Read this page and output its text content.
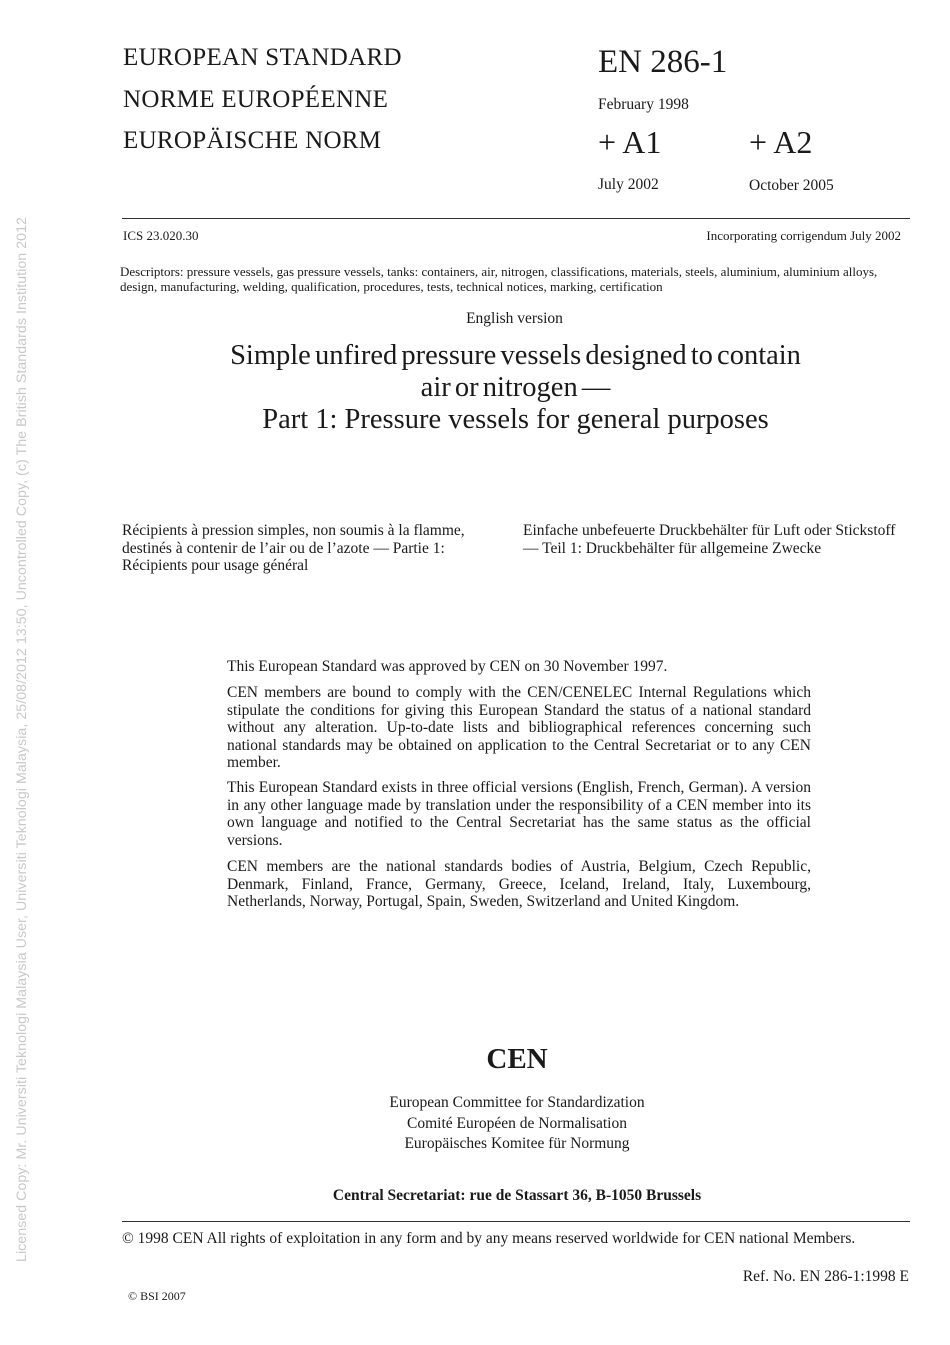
Licensed Copy: Mr. Universiti Teknologi Malaysia User, Universiti Teknologi Malaysia, 25/08/2012 13:50, Uncontrolled Copy, (c) The British Standards Institution 2012
EUROPEAN STANDARD
NORME EUROPÉENNE
EUROPÄISCHE NORM
EN 286-1
February 1998
+ A1	+ A2
July 2002	October 2005
ICS 23.020.30	Incorporating corrigendum July 2002
Descriptors: pressure vessels, gas pressure vessels, tanks: containers, air, nitrogen, classifications, materials, steels, aluminium, aluminium alloys, design, manufacturing, welding, qualification, procedures, tests, technical notices, marking, certification
English version
Simple unfired pressure vessels designed to contain
air or nitrogen —
Part 1: Pressure vessels for general purposes
Récipients à pression simples, non soumis à la flamme, destinés à contenir de l’air ou de l’azote — Partie 1: Récipients pour usage général
Einfache unbefeuerte Druckbehälter für Luft oder Stickstoff — Teil 1: Druckbehälter für allgemeine Zwecke

This European Standard was approved by CEN on 30 November 1997.

CEN members are bound to comply with the CEN/CENELEC Internal Regulations which stipulate the conditions for giving this European Standard the status of a national standard without any alteration. Up-to-date lists and bibliographical references concerning such national standards may be obtained on application to the Central Secretariat or to any CEN member.

This European Standard exists in three official versions (English, French, German). A version in any other language made by translation under the responsibility of a CEN member into its own language and notified to the Central Secretariat has the same status as the official versions.

CEN members are the national standards bodies of Austria, Belgium, Czech Republic, Denmark, Finland, France, Germany, Greece, Iceland, Ireland, Italy, Luxembourg, Netherlands, Norway, Portugal, Spain, Sweden, Switzerland and United Kingdom.

CEN
European Committee for Standardization
Comité Européen de Normalisation
Europäisches Komitee für Normung
Central Secretariat: rue de Stassart 36, B-1050 Brussels
© 1998 CEN All rights of exploitation in any form and by any means reserved worldwide for CEN national Members.
Ref. No. EN 286-1:1998 E
© BSI 2007
